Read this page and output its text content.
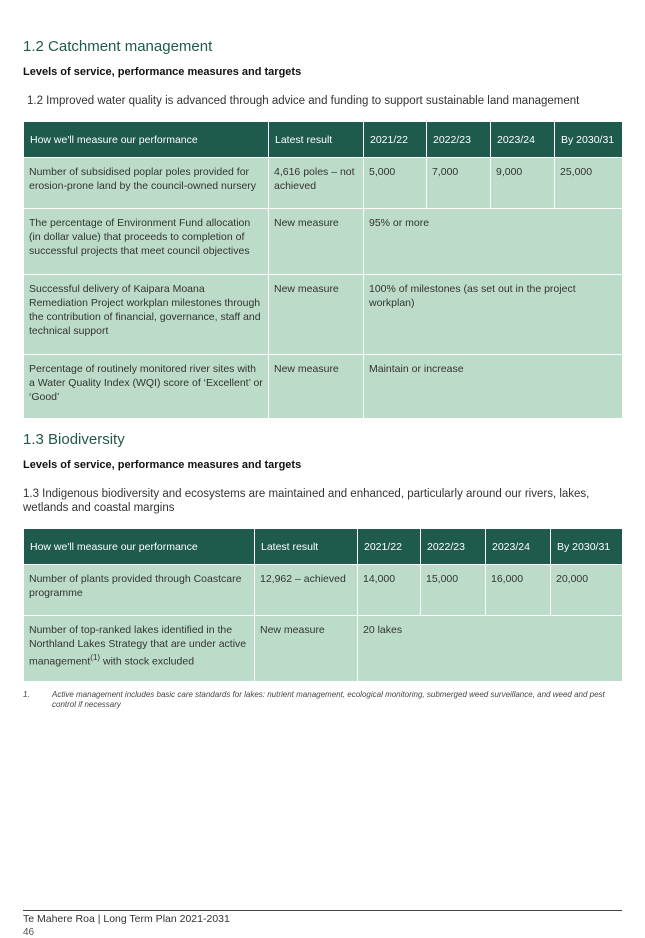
1.2 Catchment management
Levels of service, performance measures and targets

1.2 Improved water quality is advanced through advice and funding to support sustainable land management

How we'll measure our performance	Latest result	2021/22	2022/23	2023/24	By 2030/31
Number of subsidised poplar poles provided for erosion-prone land by the council-owned nursery	4,616 poles – not achieved	5,000	7,000	9,000	25,000
The percentage of Environment Fund allocation (in dollar value) that proceeds to completion of successful projects that meet council objectives	New measure	95% or more			
Successful delivery of Kaipara Moana Remediation Project workplan milestones through the contribution of financial, governance, staff and technical support	New measure	100% of milestones (as set out in the project workplan)			
Percentage of routinely monitored river sites with a Water Quality Index (WQI) score of ‘Excellent’ or ‘Good’	New measure	Maintain or increase			
1.3 Biodiversity
Levels of service, performance measures and targets

1.3 Indigenous biodiversity and ecosystems are maintained and enhanced, particularly around our rivers, lakes, wetlands and coastal margins

How we'll measure our performance	Latest result	2021/22	2022/23	2023/24	By 2030/31
Number of plants provided through Coastcare programme	12,962 – achieved	14,000	15,000	16,000	20,000
Number of top-ranked lakes identified in the Northland Lakes Strategy that are under active management$^{(1)}$ with stock excluded	New measure	20 lakes			
1.	Active management includes basic care standards for lakes: nutrient management, ecological monitoring, submerged weed surveillance, and weed and pest control if necessary
Te Mahere Roa | Long Term Plan 2021-2031
46
